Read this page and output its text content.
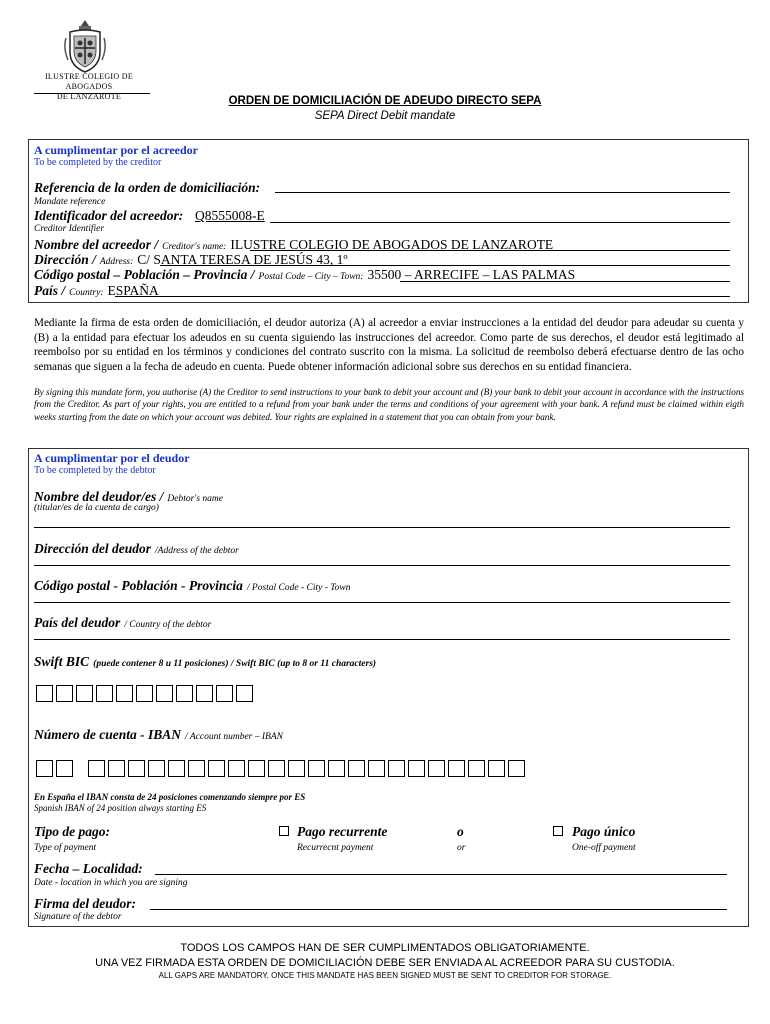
ILUSTRE COLEGIO DE ABOGADOS
DE LANZAROTE	ORDEN DE DOMICILIACIÓN DE ADEUDO DIRECTO SEPA
SEPA Direct Debit mandate
A cumplimentar por el acreedor
To be completed by the creditor
Referencia de la orden de domiciliación:
Mandate reference
Identificador del acreedor: Q8555008-E
Creditor Identifier
Nombre del acreedor / Creditor's name: ILUSTRE COLEGIO DE ABOGADOS DE LANZAROTE
Dirección / Address: C/ SANTA TERESA DE JESÚS 43, 1º
Código postal – Población – Provincia / Postal Code – City – Town: 35500 – ARRECIFE – LAS PALMAS
País / Country: ESPAÑA
Mediante la firma de esta orden de domiciliación, el deudor autoriza (A) al acreedor a enviar instrucciones a la entidad del deudor para adeudar su cuenta y (B) a la entidad para efectuar los adeudos en su cuenta siguiendo las instrucciones del acreedor. Como parte de sus derechos, el deudor está legitimado al reembolso por su entidad en los términos y condiciones del contrato suscrito con la misma. La solicitud de reembolso deberá efectuarse dentro de las ocho semanas que siguen a la fecha de adeudo en cuenta. Puede obtener información adicional sobre sus derechos en su entidad financiera.
By signing this mandate form, you authorise (A) the Creditor to send instructions to your bank to debit your account and (B) your bank to debit your account in accordance with the instructions from the Creditor. As part of your rights, you are entitled to a refund from your bank under the terms and conditions of your agreement with your bank. A refund must be claimed within eigth weeks starting from the date on which your account was debited. Your rights are explained in a statement that you can obtain from your bank.
A cumplimentar por el deudor
To be completed by the debtor
Nombre del deudor/es / Debtor's name
(titular/es de la cuenta de cargo)
Dirección del deudor /Address of the debtor
Código postal - Población - Provincia / Postal Code - City - Town
País del deudor / Country of the debtor
Swift BIC (puede contener 8 u 11 posiciones) / Swift BIC (up to 8 or 11 characters)
Número de cuenta - IBAN / Account number – IBAN
En España el IBAN consta de 24 posiciones comenzando siempre por ES
Spanish IBAN of 24 position always starting ES
Tipo de pago:
Type of payment
Pago recurrente
Recurrecnt payment
o
or
Pago único
One-off payment
Fecha – Localidad:
Date - location in which you are signing
Firma del deudor:
Signature of the debtor
TODOS LOS CAMPOS HAN DE SER CUMPLIMENTADOS OBLIGATORIAMENTE.
UNA VEZ FIRMADA ESTA ORDEN DE DOMICILIACIÓN DEBE SER ENVIADA AL ACREEDOR PARA SU CUSTODIA.
ALL GAPS ARE MANDATORY. ONCE THIS MANDATE HAS BEEN SIGNED MUST BE SENT TO CREDITOR FOR STORAGE.
